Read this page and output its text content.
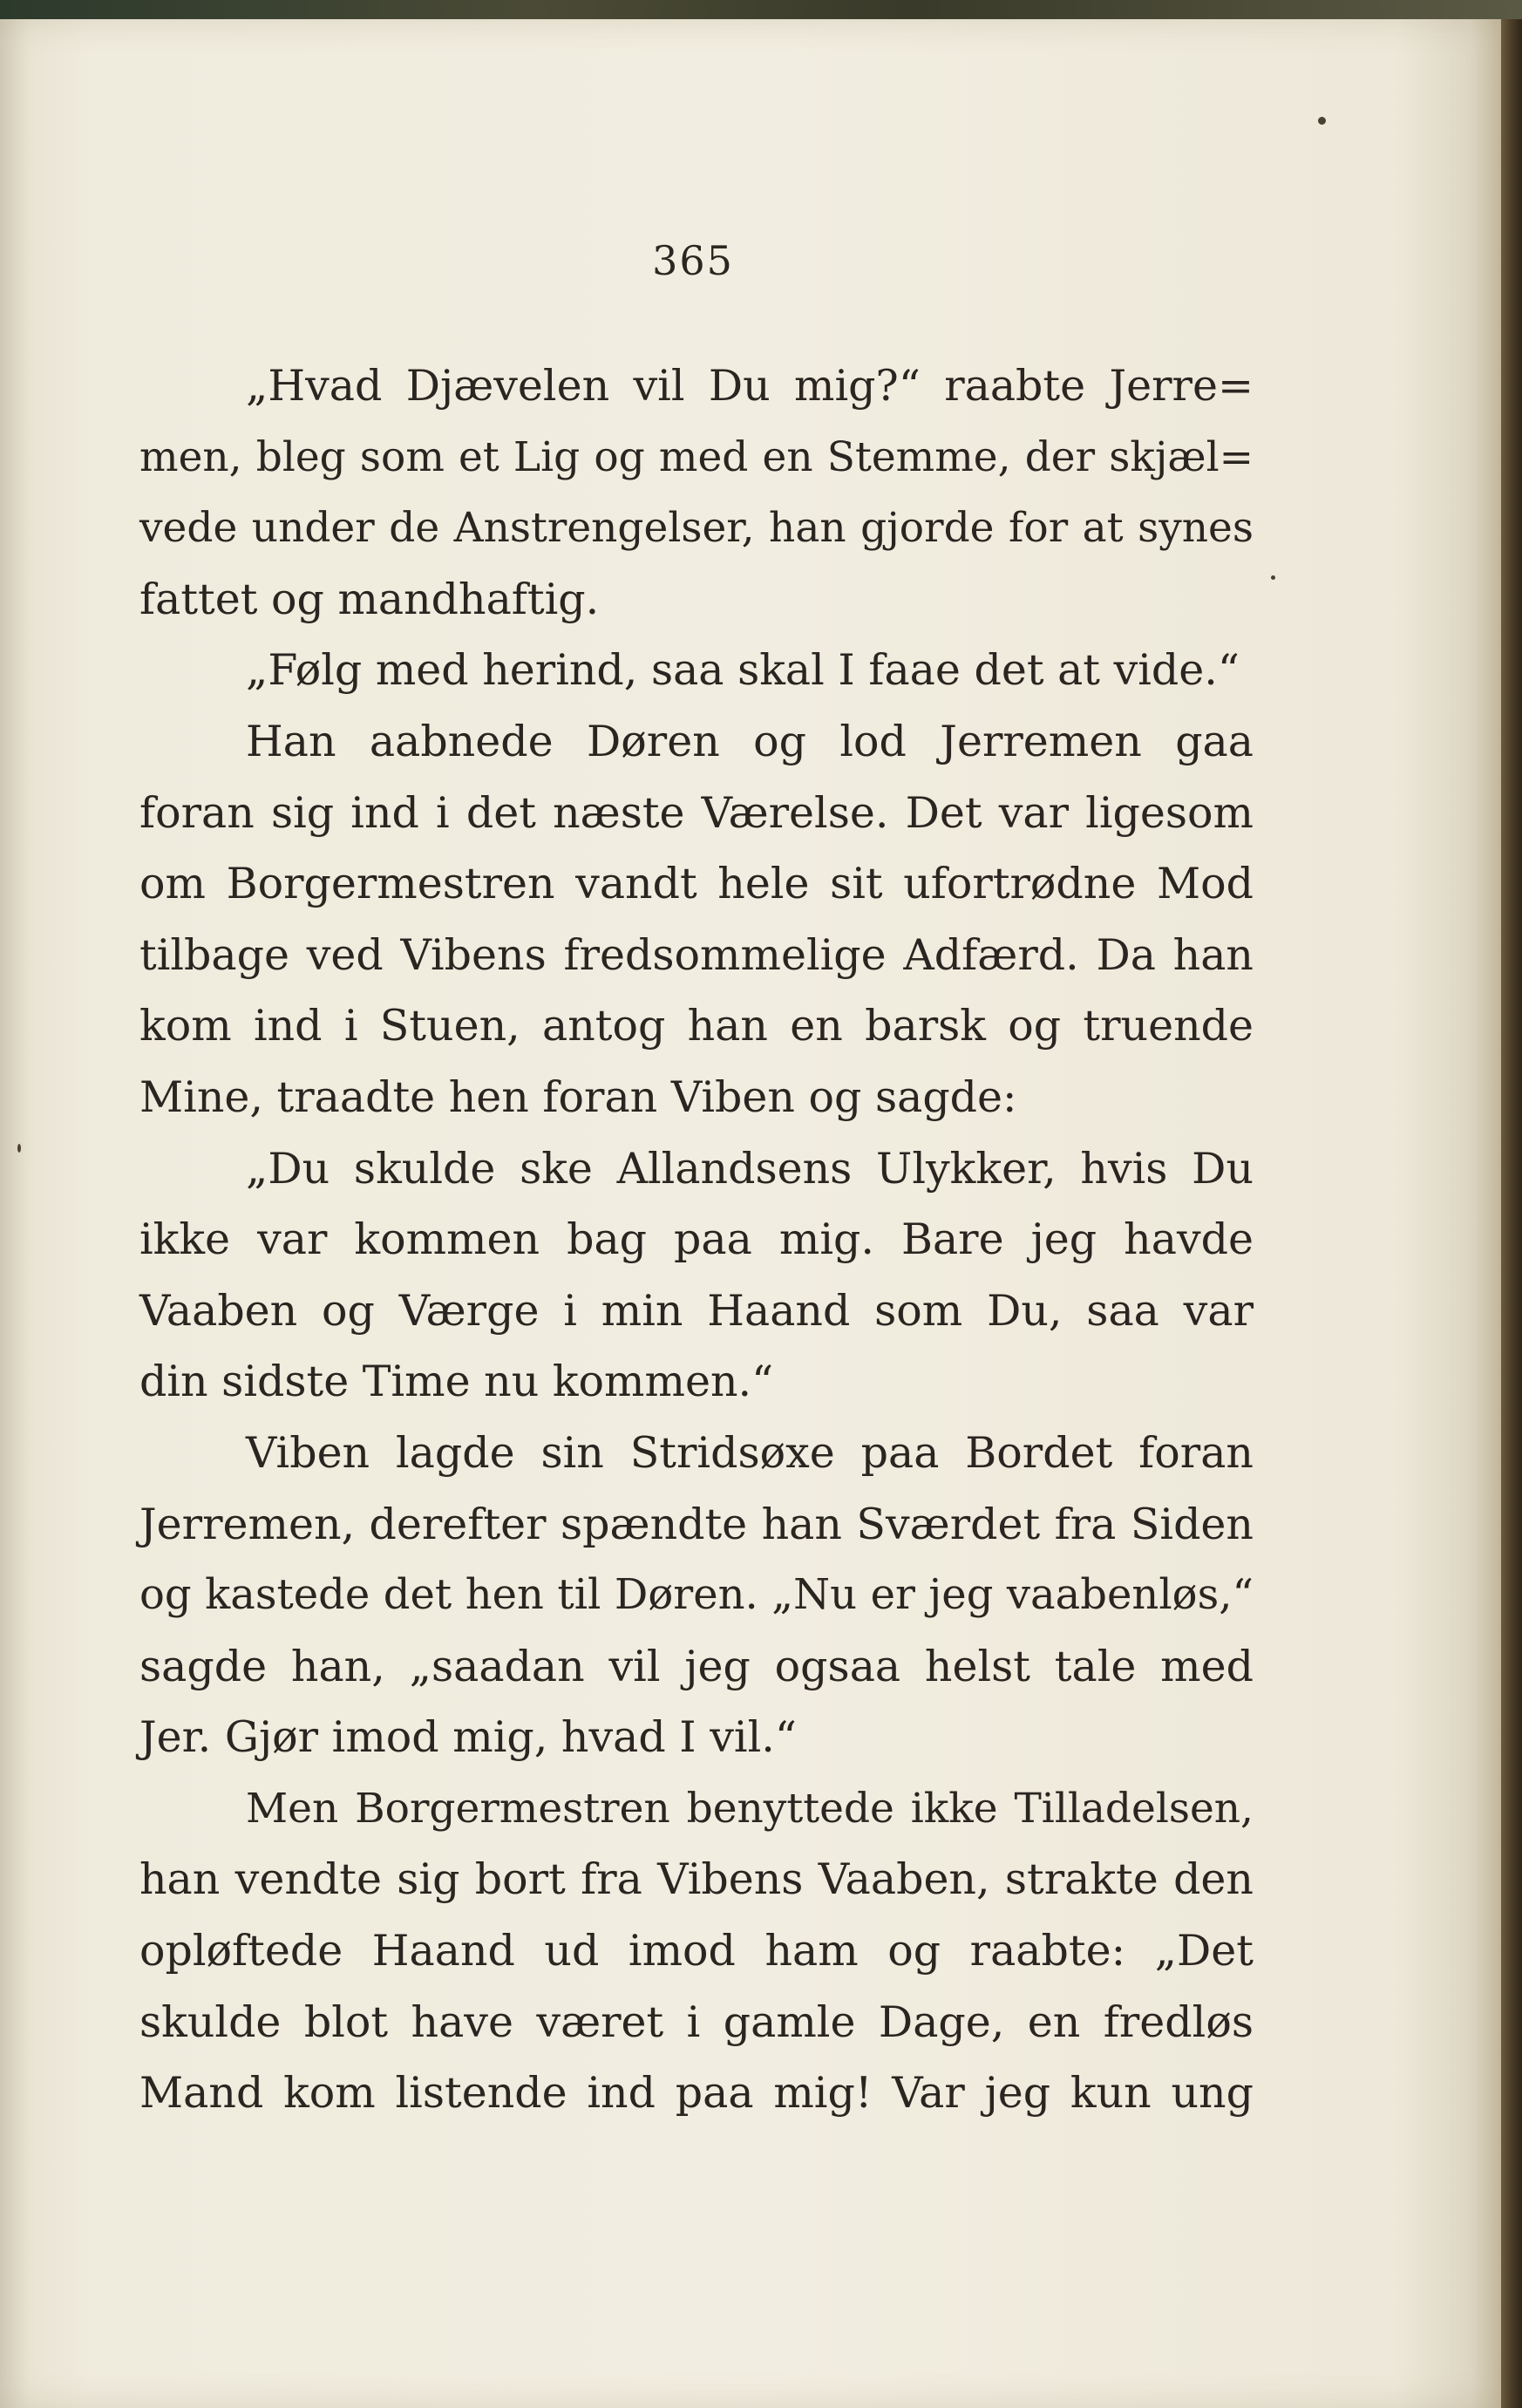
365
„Hvad Djævelen vil Du mig?“ raabte Jerre=
men, bleg som et Lig og med en Stemme, der skjæl=
vede under de Anstrengelser, han gjorde for at synes
fattet og mandhaftig.
„Følg med herind, saa skal I faae det at vide.“
Han aabnede Døren og lod Jerremen gaa
foran sig ind i det næste Værelse. Det var ligesom
om Borgermestren vandt hele sit ufortrødne Mod
tilbage ved Vibens fredsommelige Adfærd. Da han
kom ind i Stuen, antog han en barsk og truende
Mine, traadte hen foran Viben og sagde:
„Du skulde ske Allandsens Ulykker, hvis Du
ikke var kommen bag paa mig. Bare jeg havde
Vaaben og Værge i min Haand som Du, saa var
din sidste Time nu kommen.“
Viben lagde sin Stridsøxe paa Bordet foran
Jerremen, derefter spændte han Sværdet fra Siden
og kastede det hen til Døren. „Nu er jeg vaabenløs,“
sagde han, „saadan vil jeg ogsaa helst tale med
Jer. Gjør imod mig, hvad I vil.“
Men Borgermestren benyttede ikke Tilladelsen,
han vendte sig bort fra Vibens Vaaben, strakte den
opløftede Haand ud imod ham og raabte: „Det
skulde blot have været i gamle Dage, en fredløs
Mand kom listende ind paa mig! Var jeg kun ung
